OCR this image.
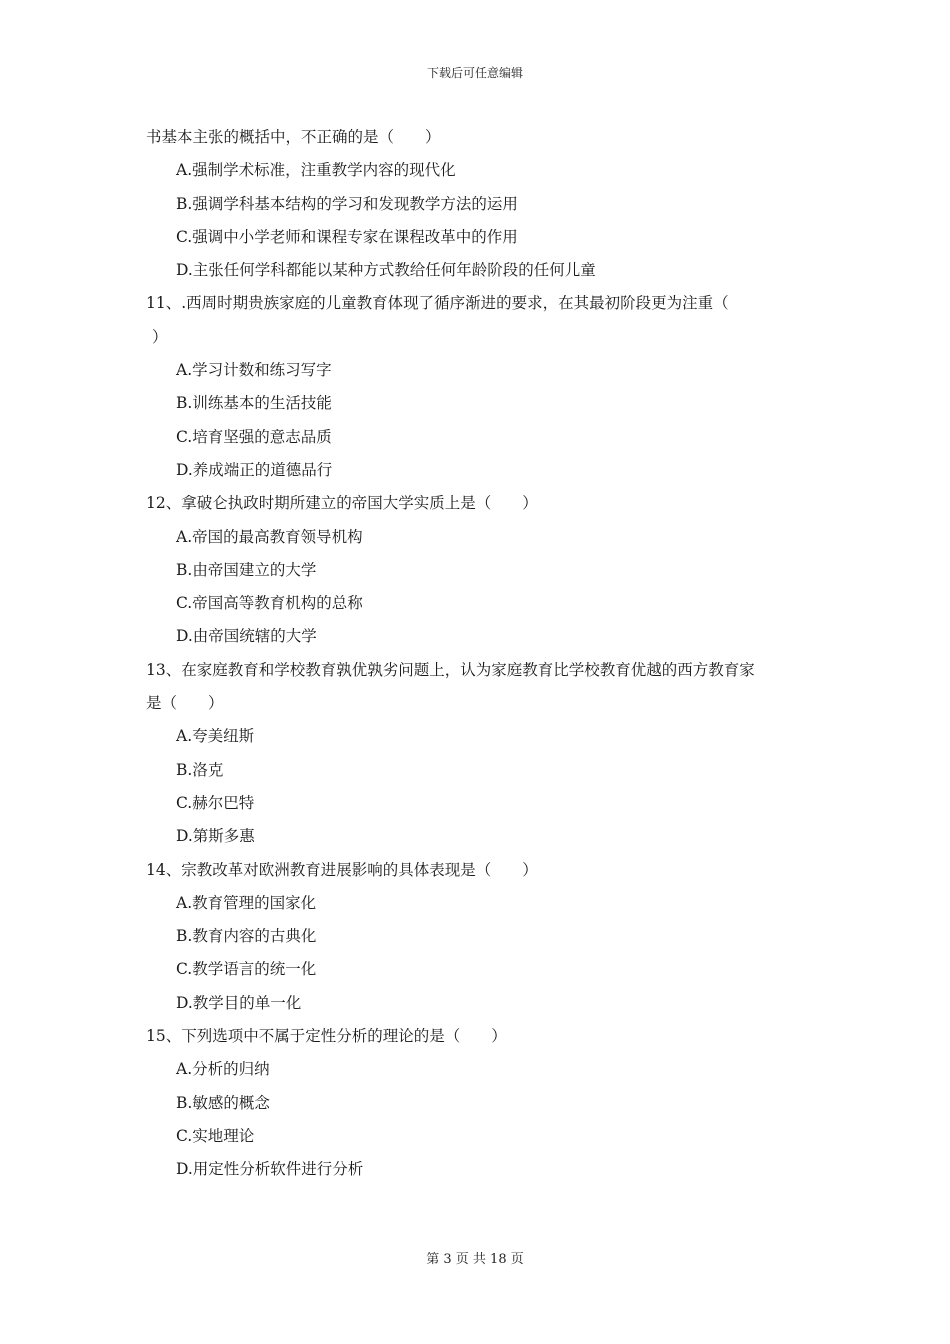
下载后可任意编辑
书基本主张的概括中，不正确的是（　　）
A.强制学术标准，注重教学内容的现代化
B.强调学科基本结构的学习和发现教学方法的运用
C.强调中小学老师和课程专家在课程改革中的作用
D.主张任何学科都能以某种方式教给任何年龄阶段的任何儿童
11、.西周时期贵族家庭的儿童教育体现了循序渐进的要求，在其最初阶段更为注重（
）
A.学习计数和练习写字
B.训练基本的生活技能
C.培育坚强的意志品质
D.养成端正的道德品行
12、拿破仑执政时期所建立的帝国大学实质上是（　　）
A.帝国的最高教育领导机构
B.由帝国建立的大学
C.帝国高等教育机构的总称
D.由帝国统辖的大学
13、在家庭教育和学校教育孰优孰劣问题上，认为家庭教育比学校教育优越的西方教育家
是（　　）
A.夸美纽斯
B.洛克
C.赫尔巴特
D.第斯多惠
14、宗教改革对欧洲教育进展影响的具体表现是（　　）
A.教育管理的国家化
B.教育内容的古典化
C.教学语言的统一化
D.教学目的单一化
15、下列选项中不属于定性分析的理论的是（　　）
A.分析的归纳
B.敏感的概念
C.实地理论
D.用定性分析软件进行分析
第 3 页 共 18 页
